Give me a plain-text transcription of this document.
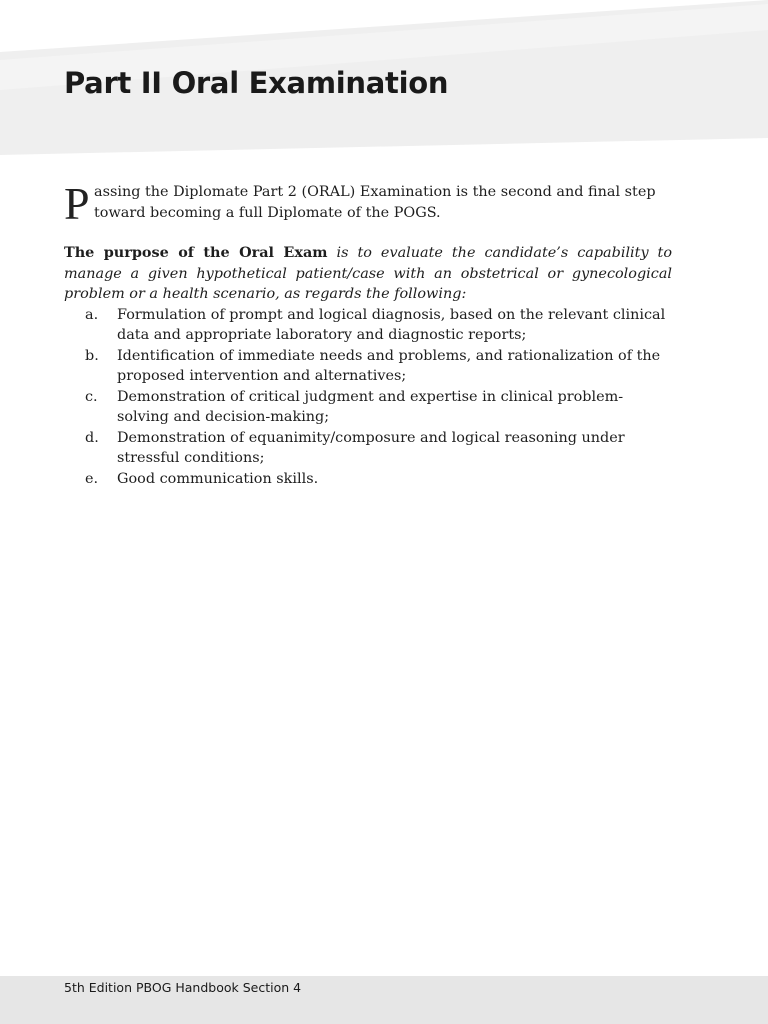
Part II Oral Examination

P assing the Diplomate Part 2 (ORAL) Examination is the second and final step toward becoming a full Diplomate of the POGS.

The purpose of the Oral Exam is to evaluate the candidate’s capability to manage a given hypothetical patient/case with an obstetrical or gynecological problem or a health scenario, as regards the following:

a. Formulation of prompt and logical diagnosis, based on the relevant clinical data and appropriate laboratory and diagnostic reports;
b. Identification of immediate needs and problems, and rationalization of the proposed intervention and alternatives;
c. Demonstration of critical judgment and expertise in clinical problem-solving and decision-making;
d. Demonstration of equanimity/composure and logical reasoning under stressful conditions;
e. Good communication skills.
5th Edition PBOG Handbook Section 4
